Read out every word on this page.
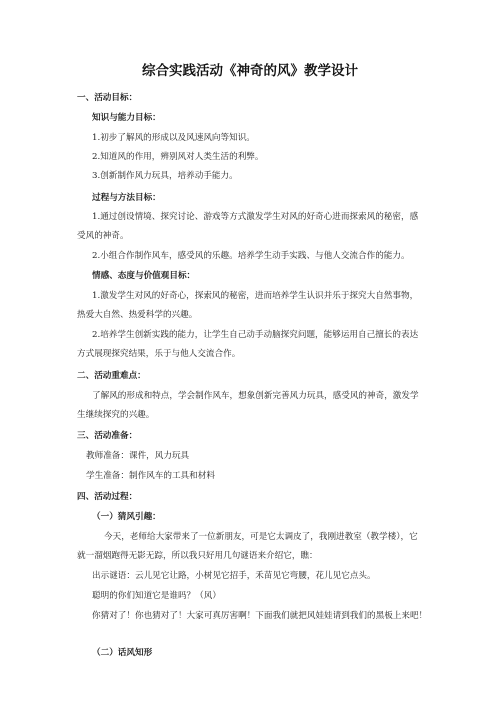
综合实践活动《神奇的风》教学设计
一、活动目标：
知识与能力目标：
1.初步了解风的形成以及风速风向等知识。
2.知道风的作用，辨别风对人类生活的利弊。
3.创新制作风力玩具，培养动手能力。
过程与方法目标：
1.通过创设情境、探究讨论、游戏等方式激发学生对风的好奇心进而探索风的秘密，感
受风的神奇。
2.小组合作制作风车，感受风的乐趣。培养学生动手实践、与他人交流合作的能力。
情感、态度与价值观目标：
1.激发学生对风的好奇心，探索风的秘密，进而培养学生认识并乐于探究大自然事物，
热爱大自然、热爱科学的兴趣。
2.培养学生创新实践的能力，让学生自己动手动脑探究问题，能够运用自己擅长的表达
方式展现探究结果，乐于与他人交流合作。
二、活动重难点：
了解风的形成和特点，学会制作风车，想象创新完善风力玩具，感受风的神奇，激发学
生继续探究的兴趣。
三、活动准备：
教师准备：课件，风力玩具
学生准备：制作风车的工具和材料
四、活动过程：
（一）猜风引趣：
今天，老师给大家带来了一位新朋友，可是它太调皮了，我刚进教室（教学楼），它
就一溜烟跑得无影无踪，所以我只好用几句谜语来介绍它，瞧：
出示谜语：云儿见它让路，小树见它招手，禾苗见它弯腰，花儿见它点头。
聪明的你们知道它是谁吗？（风）
你猜对了！你也猜对了！大家可真厉害啊！下面我们就把风娃娃请到我们的黑板上来吧！
（二）话风知形
